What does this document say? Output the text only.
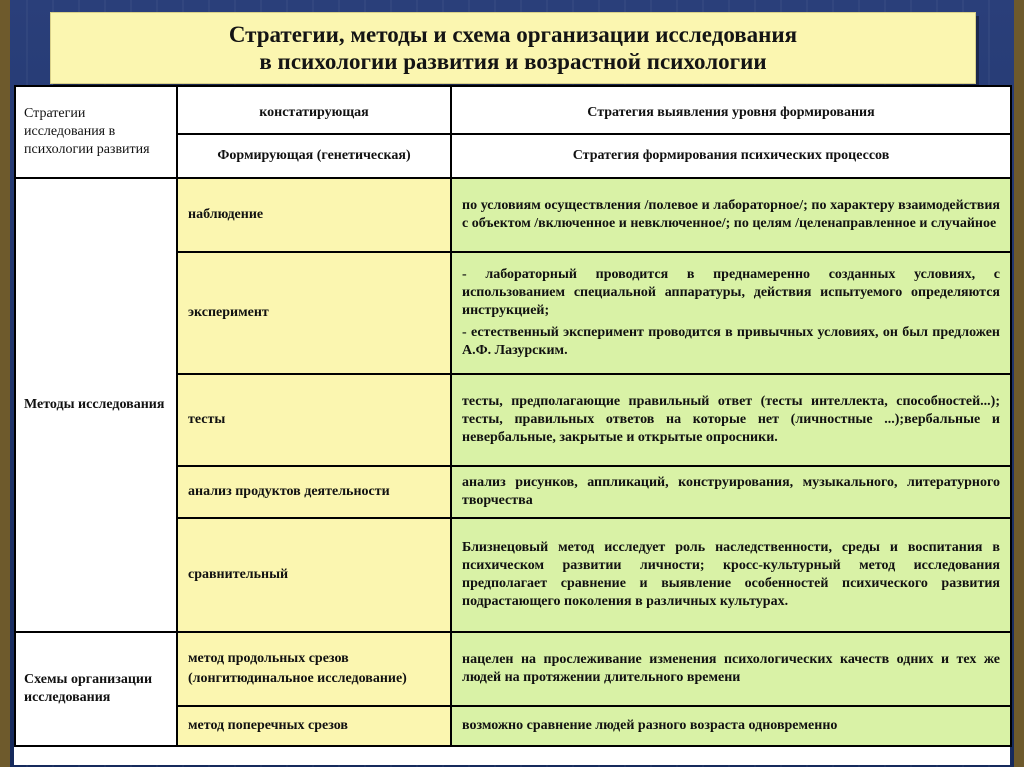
Стратегии, методы и схема организации исследования
в психологии развития и возрастной психологии
Стратегии исследования в психологии развития	констатирующая	Стратегия выявления уровня формирования
	Формирующая (генетическая)	Стратегия формирования психических процессов
Методы исследования	наблюдение	по условиям осуществления /полевое и лабораторное/; по характеру взаимодействия с объектом /включенное и невключенное/; по целям /целенаправленное и случайное

	эксперимент	- лабораторный проводится в преднамеренно созданных условиях, с использованием специальной аппаратуры, действия испытуемого определяются инструкцией;

- естественный эксперимент проводится в привычных условиях, он был предложен А.Ф. Лазурским.

	тесты	тесты, предполагающие правильный ответ (тесты интеллекта, способностей...); тесты, правильных ответов на которые нет (личностные ...);вербальные и невербальные, закрытые и открытые опросники.

	анализ продуктов деятельности	анализ рисунков, аппликаций, конструирования, музыкального, литературного творчества

	сравнительный	Близнецовый метод исследует роль наследственности, среды и воспитания в психическом развитии личности; кросс-культурный метод исследования предполагает сравнение и выявление особенностей психического развития подрастающего поколения в различных культурах.

Схемы организации исследования	метод продольных срезов (лонгитюдинальное исследование)	нацелен на прослеживание изменения психологических качеств одних и тех же людей на протяжении длительного времени

	метод поперечных срезов	возможно сравнение людей разного возраста одновременно
